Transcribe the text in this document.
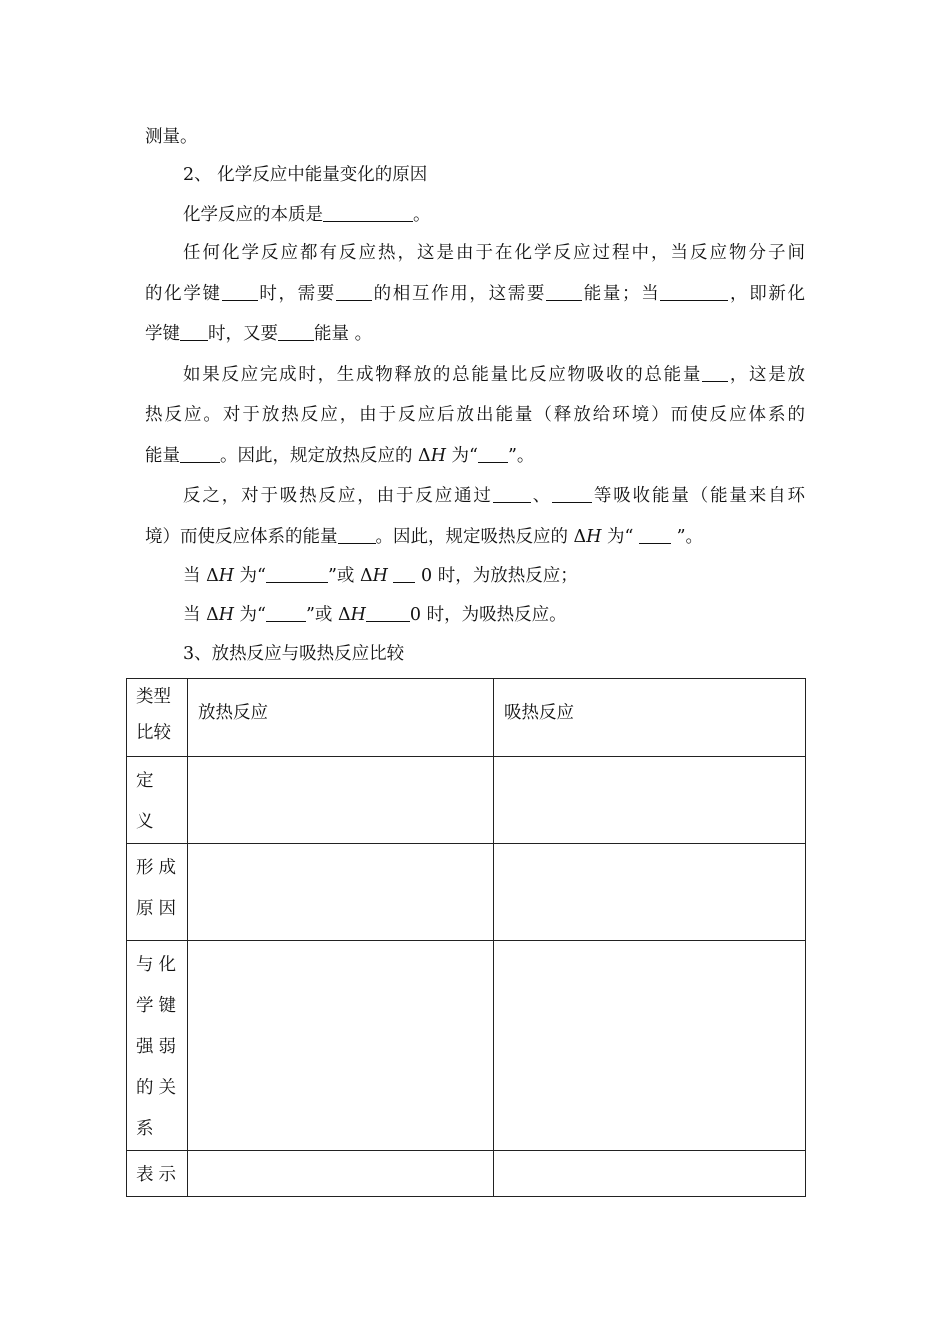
测量。
2、 化学反应中能量变化的原因
化学反应的本质是	。
任何化学反应都有反应热，这是由于在化学反应过程中，当反应物分子间
的化学键 时，需要 的相互作用，这需要 能量；当	，即新化
学键 时，又要 能量 。
如果反应完成时，生成物释放的总能量比反应物吸收的总能量 ，这是放
热反应。对于放热反应，由于反应后放出能量（释放给环境）而使反应体系的
能量 。因此，规定放热反应的 ΔH 为“ ”。
反之，对于吸热反应，由于反应通过 、 等吸收能量（能量来自环
境）而使反应体系的能量 。因此，规定吸热反应的 ΔH 为“  ”。
当 ΔH 为“	”或 ΔH  0 时，为放热反应；
当 ΔH 为“ ”或 ΔH	0 时，为吸热反应。
3、放热反应与吸热反应比较
类型
比较	放热反应	吸热反应

定
义		

形成
原因		

与化
学键
强弱
的关
系		

表示		
